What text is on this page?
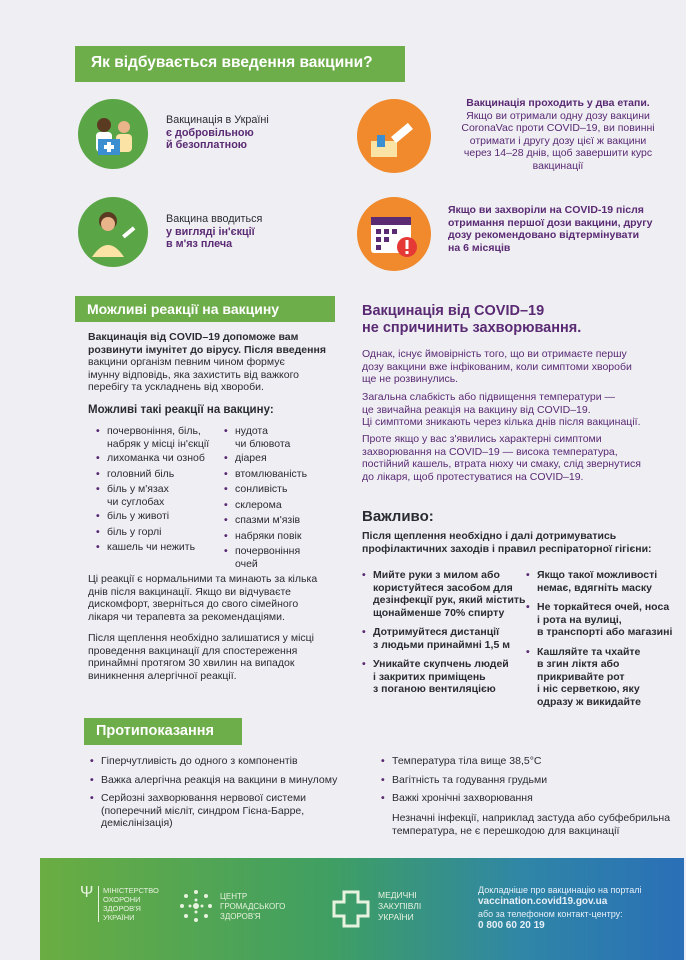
Як відбувається введення вакцини?
Вакцинація в Україні
є добровільною
й безоплатною
Вакцина вводиться
у вигляді ін'єкції
в м'яз плеча
Вакцинація проходить у два етапи.
Якщо ви отримали одну дозу вакцини
CoronaVac проти COVID–19, ви повинні
отримати і другу дозу цієї ж вакцини
через 14–28 днів, щоб завершити курс
вакцинації
Якщо ви захворіли на COVID-19 після
отримання першої дози вакцини, другу
дозу рекомендовано відтермінувати
на 6 місяців
Можливі реакції на вакцину
Вакцинація від COVID–19 допоможе вам
розвинути імунітет до вірусу. Після введення
вакцини організм певним чином формує
імунну відповідь, яка захистить від важкого
перебігу та ускладнень від хвороби.
Можливі такі реакції на вакцину:
• почервоніння, біль,
набряк у місці ін'єкції
• лихоманка чи озноб
• головний біль
• біль у м'язах
чи суглобах
• біль у животі
• біль у горлі
• кашель чи нежить
• нудота
чи блювота
• діарея
• втомлюваність
• сонливість
• склерома
• спазми м'язів
• набряки повік
• почервоніння
очей
Ці реакції є нормальними та минають за кілька
днів після вакцинації. Якщо ви відчуваєте
дискомфорт, зверніться до свого сімейного
лікаря чи терапевта за рекомендаціями.
Після щеплення необхідно залишатися у місці
проведення вакцинації для спостереження
принаймні протягом 30 хвилин на випадок
виникнення алергічної реакції.
Вакцинація від COVID–19
не спричинить захворювання.
Однак, існує ймовірність того, що ви отримаєте першу
дозу вакцини вже інфікованим, коли симптоми хвороби
ще не розвинулись.
Загальна слабкість або підвищення температури —
це звичайна реакція на вакцину від COVID–19.
Ці симптоми зникають через кілька днів після вакцинації.
Проте якщо у вас з'явились характерні симптоми
захворювання на COVID–19 — висока температура,
постійний кашель, втрата нюху чи смаку, слід звернутися
до лікаря, щоб протестуватися на COVID–19.
Важливо:
Після щеплення необхідно і далі дотримуватись
профілактичних заходів і правил респіраторної гігієни:
• Мийте руки з милом або
користуйтеся засобом для
дезінфекції рук, який містить
щонайменше 70% спирту
• Дотримуйтеся дистанції
з людьми принаймні 1,5 м
• Уникайте скупчень людей
і закритих приміщень
з поганою вентиляцією
• Якщо такої можливості
немає, вдягніть маску
• Не торкайтеся очей, носа
і рота на вулиці,
в транспорті або магазині
• Кашляйте та чхайте
в згин ліктя або
прикривайте рот
і ніс серветкою, яку
одразу ж викидайте
Протипоказання
• Гіперчутливість до одного з компонентів
• Важка алергічна реакція на вакцини в минулому
• Серйозні захворювання нервової системи
(поперечний мієліт, синдром Гієна-Барре,
демієлінізація)
• Температура тіла вище 38,5°C
• Вагітність та годування грудьми
• Важкі хронічні захворювання
Незначні інфекції, наприклад застуда або субфебрильна
температура, не є перешкодою для вакцинації
Ψ МІНІСТЕРСТВО
ОХОРОНИ
ЗДОРОВ'Я
УКРАЇНИ
ЦЕНТР
ГРОМАДСЬКОГО
ЗДОРОВ'Я
МЕДИЧНІ
ЗАКУПІВЛІ
УКРАЇНИ
Докладніше про вакцинацію на порталі
vaccination.covid19.gov.ua
або за телефоном контакт-центру:
0 800 60 20 19
